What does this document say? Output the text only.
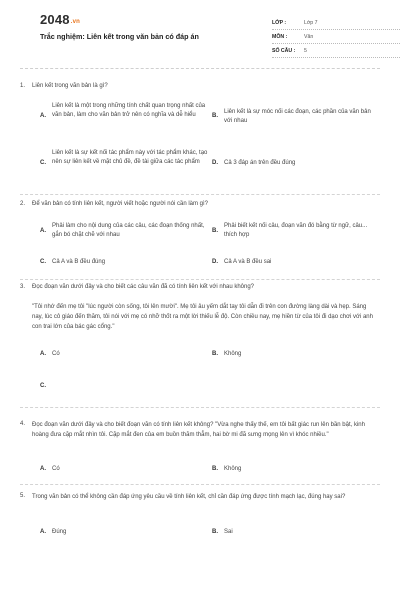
2048.vn
Trắc nghiệm: Liên kết trong văn bản có đáp án
LỚP :	Lớp 7
MÔN :	Văn
SỐ CÂU :	5
1. Liên kết trong văn bản là gì?
A.
Liên kết là một trong những tính chất quan trọng nhất của văn bản, làm cho văn bản trở nên có nghĩa và dễ hiểu	B.
Liên kết là sự móc nối các đoạn, các phần của văn bản với nhau
C.
Liên kết là sự kết nối tác phẩm này với tác phẩm khác, tạo nên sự liên kết về mặt chủ đề, đề tài giữa các tác phẩm	D. Cả 3 đáp án trên đều đúng
2. Để văn bản có tính liên kết, người viết hoặc người nói cần làm gì?
A.
Phải làm cho nội dung của các câu, các đoạn thống nhất, gắn bó chặt chẽ với nhau
B.
Phải biết kết nối câu, đoạn văn đó bằng từ ngữ, câu... thích hợp
C. Cả A và B đều đúng	D. Cả A và B đều sai
3. Đọc đoạn văn dưới đây và cho biết các câu văn đã có tính liên kết với nhau không?
"Tôi nhớ đến mẹ tôi "lúc người còn sống, tôi lên mười". Mẹ tôi âu yếm dắt tay tôi dẫn đi trên con đường làng dài và hẹp. Sáng nay, lúc cô giáo đến thăm, tôi nói với mẹ có nhỡ thốt ra một lời thiếu lễ độ. Còn chiều nay, mẹ hiền từ của tôi đi dạo chơi với anh con trai lớn của bác gác cổng."
A. Có	B. Không
C.
4. Đọc đoạn văn dưới đây và cho biết đoạn văn có tính liên kết không? "Vừa nghe thấy thế, em tôi bất giác run lên bần bật, kinh hoàng đưa cặp mắt nhìn tôi. Cặp mắt đen của em buồn thăm thẳm, hai bờ mi đã sưng mọng lên vì khóc nhiều."
A. Có	B. Không
5. Trong văn bản có thể không cần đáp ứng yêu cầu về tính liên kết, chỉ cần đáp ứng được tính mạch lạc, đúng hay sai?
A. Đúng	B. Sai
